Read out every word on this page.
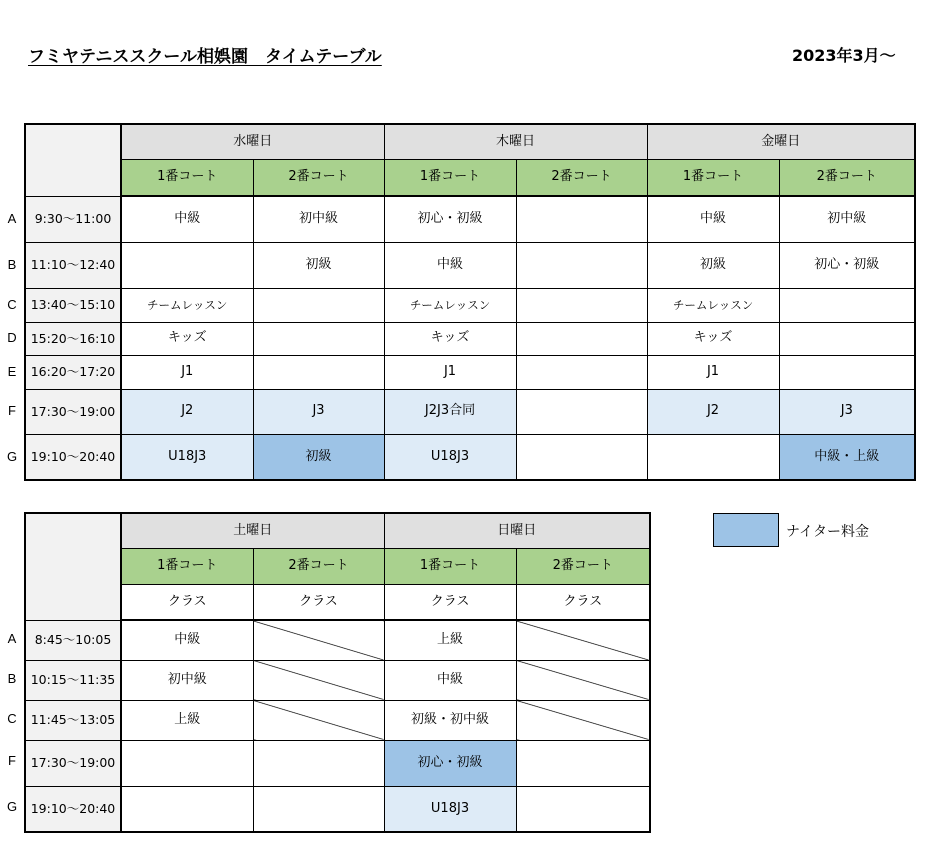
フミヤテニススクール相娯園　タイムテーブル	2023年3月〜
A
B
C
D
E
F
G
	水曜日		木曜日		金曜日	
	1番コート	2番コート	1番コート	2番コート	1番コート	2番コート
9:30〜11:00	中級	初中級	初心・初級		中級	初中級
11:10〜12:40		初級	中級		初級	初心・初級
13:40〜15:10	チームレッスン		チームレッスン		チームレッスン	
15:20〜16:10	キッズ		キッズ		キッズ	
16:20〜17:20	J1		J1		J1	
17:30〜19:00	J2	J3	J2J3合同		J2	J3
19:10〜20:40	U18J3	初級	U18J3			中級・上級
A
B
C
F
G
	土曜日		日曜日	
	1番コート	2番コート	1番コート	2番コート
	クラス	クラス	クラス	クラス
8:45〜10:05	中級		上級	
10:15〜11:35	初中級		中級	
11:45〜13:05	上級		初級・初中級	
17:30〜19:00			初心・初級	
19:10〜20:40			U18J3	
ナイター料金
